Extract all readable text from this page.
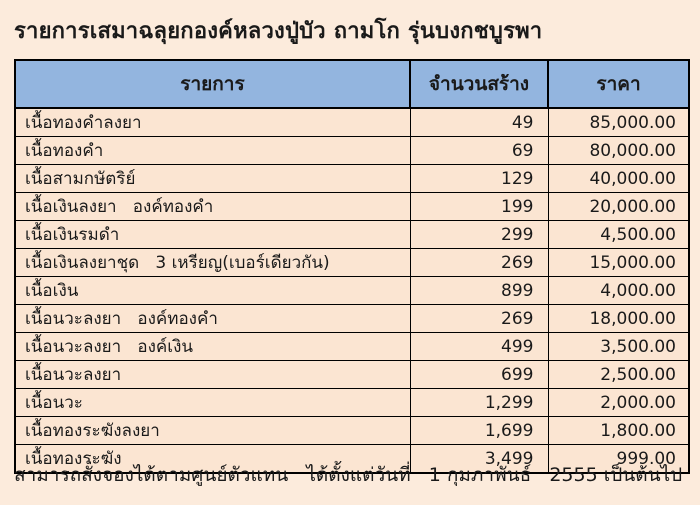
รายการเสมาฉลุยกองค์หลวงปู่บัว ถามโก รุ่นบงกชบูรพา
รายการ	จำนวนสร้าง	ราคา
เนื้อทองคำลงยา	49	85,000.00
เนื้อทองคำ	69	80,000.00
เนื้อสามกษัตริย์	129	40,000.00
เนื้อเงินลงยา   องค์ทองคำ	199	20,000.00
เนื้อเงินรมดำ	299	4,500.00
เนื้อเงินลงยาชุด   3 เหรียญ(เบอร์เดียวกัน)	269	15,000.00
เนื้อเงิน	899	4,000.00
เนื้อนวะลงยา   องค์ทองคำ	269	18,000.00
เนื้อนวะลงยา   องค์เงิน	499	3,500.00
เนื้อนวะลงยา	699	2,500.00
เนื้อนวะ	1,299	2,000.00
เนื้อทองระฆังลงยา	1,699	1,800.00
เนื้อทองระฆัง	3,499	999.00
สามารถสั่งจองได้ตามศูนย์ตัวแทน   ได้ตั้งแต่วันที่   1 กุมภาพันธ์   2555 เป็นต้นไป
